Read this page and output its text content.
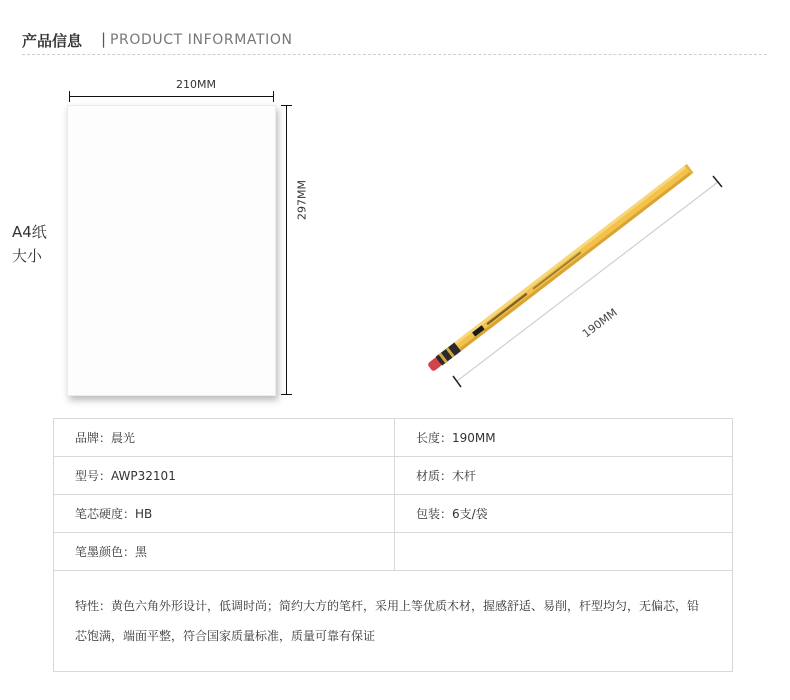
产品信息 | PRODUCT INFORMATION
210MM
297MM
A4纸
大小
190MM
品牌：晨光	长度：190MM
型号：AWP32101	材质：木杆
笔芯硬度：HB	包装：6支/袋
笔墨颜色：黑	

特性：黄色六角外形设计，低调时尚；简约大方的笔杆，采用上等优质木材，握感舒适、易削，杆型均匀，无偏芯，铅
芯饱满，端面平整，符合国家质量标准，质量可靠有保证	
